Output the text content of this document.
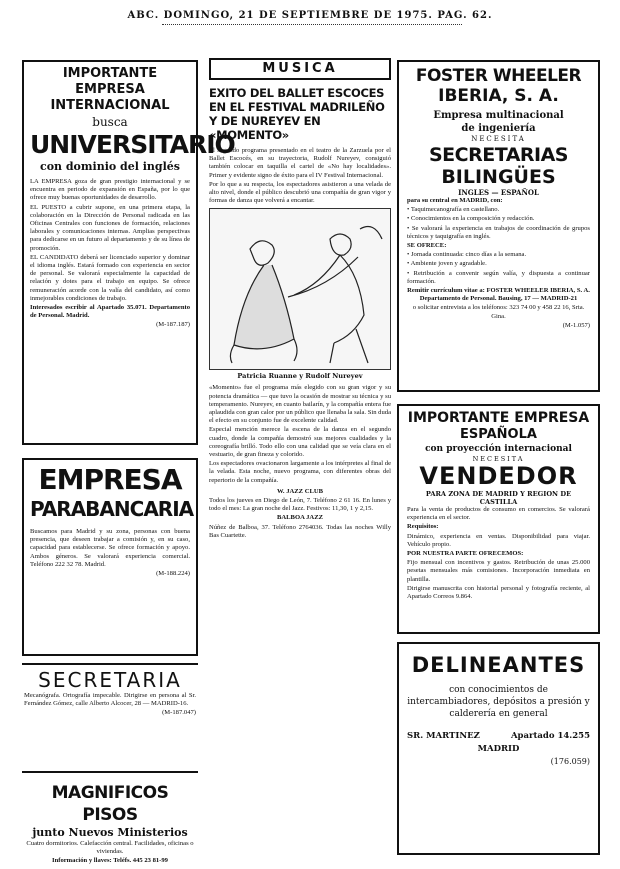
ABC. DOMINGO, 21 DE SEPTIEMBRE DE 1975. PAG. 62.
IMPORTANTE EMPRESA
INTERNACIONAL
busca
UNIVERSITARIO
con dominio del inglés

LA EMPRESA goza de gran prestigio internacional y se encuentra en periodo de expansión en España, por lo que ofrece muy buenas oportunidades de desarrollo.

EL PUESTO a cubrir supone, en una primera etapa, la colaboración en la Dirección de Personal radicada en las Oficinas Centrales con funciones de formación, relaciones laborales y comunicaciones internas. Amplias perspectivas para dedicarse en un futuro al departamento y de su línea de promoción.

EL CANDIDATO deberá ser licenciado superior y dominar el idioma inglés. Estará formado con experiencia en sector de personal. Se valorará especialmente la capacidad de relación y dotes para el trabajo en equipo. Se ofrece remuneración acorde con la valía del candidato, así como inmejorables condiciones de trabajo.

Interesados escribir al Apartado 35.071. Departamento de Personal. Madrid.

(M-187.187)

EMPRESA
PARABANCARIA

Buscamos para Madrid y su zona, personas con buena presencia, que deseen trabajar a comisión y, en su caso, capacidad para establecerse. Se ofrece formación y apoyo. Ambos géneros. Se valorará experiencia comercial. Teléfono 222 32 78. Madrid.

(M-188.224)

SECRETARIA

Mecanógrafa. Ortografía impecable. Dirigirse en persona al Sr. Fernández Gómez, calle Alberto Alcocer, 28 — MADRID-16.

(M-187.047)

MAGNIFICOS PISOS
junto Nuevos Ministerios

Cuatro dormitorios. Calefacción central. Facilidades, oficinas o viviendas.

Información y llaves: Teléfs. 445 23 81-99

MUSICA
EXITO DEL BALLET ESCOCES EN EL FESTIVAL MADRILEÑO Y DE NUREYEV EN «MOMENTO»

El segundo programa presentado en el teatro de la Zarzuela por el Ballet Escocés, en su trayectoria, Rudolf Nureyev, consiguió también colocar en taquilla el cartel de «No hay localidades». Primer y evidente signo de éxito para el IV Festival Internacional.

Por lo que a su respecta, los espectadores asistieron a una velada de alto nivel, donde el público descubrió una compañía de gran vigor y formas de danza que volverá a encantar.

Patricia Ruanne y Rudolf Nureyev

«Momento» fue el programa más elegido con su gran vigor y su potencia dramática — que tuvo la ocasión de mostrar su técnica y su temperamento. Nureyev, en cuanto bailarín, y la compañía entera fue aplaudida con gran calor por un público que llenaba la sala. Sin duda el efecto en su conjunto fue de excelente calidad.

Especial mención merece la escena de la danza en el segundo cuadro, donde la compañía demostró sus mejores cualidades y la coreografía brilló. Todo ello con una calidad que se veía clara en el vestuario, de gran fineza y colorido.

Los espectadores ovacionaron largamente a los intérpretes al final de la velada. Esta noche, nuevo programa, con diferentes obras del repertorio de la compañía.

W. JAZZ CLUB

Todos los jueves en Diego de León, 7. Teléfono 2 61 16. En lunes y todo el mes: La gran noche del Jazz. Festivos: 11,30, 1 y 2,15.

BALBOA JAZZ

Núñez de Balboa, 37. Teléfono 2764036. Todas las noches Willy Bas Cuartette.

FOSTER WHEELER
IBERIA, S. A.
Empresa multinacional
de ingeniería
NECESITA
SECRETARIAS
BILINGÜES
INGLES — ESPAÑOL

para su central en MADRID, con:

• Taquimecanografía en castellano.

• Conocimientos en la composición y redacción.

• Se valorará la experiencia en trabajos de coordinación de grupos técnicos y taquigrafía en inglés.

SE OFRECE:

• Jornada continuada: cinco días a la semana.

• Ambiente joven y agradable.

• Retribución a convenir según valía, y dispuesta a continuar formación.

Remitir currículum vitae a: FOSTER WHEELER IBERIA, S. A. Departamento de Personal. Bausing, 17 — MADRID-21

o solicitar entrevista a los teléfonos: 323 74 00 y 458 22 16, Srta. Gina.

(M-1.057)

IMPORTANTE EMPRESA
ESPAÑOLA
con proyección internacional
NECESITA
VENDEDOR
PARA ZONA DE MADRID Y REGION DE CASTILLA

Para la venta de productos de consumo en comercios. Se valorará experiencia en el sector.

Requisitos:

Dinámico, experiencia en ventas. Disponibilidad para viajar. Vehículo propio.

POR NUESTRA PARTE OFRECEMOS:

Fijo mensual con incentivos y gastos. Retribución de unas 25.000 pesetas mensuales más comisiones. Incorporación inmediata en plantilla.

Dirigirse manuscrita con historial personal y fotografía reciente, al Apartado Correos 9.864.

DELINEANTES
con conocimientos de intercambiadores, depósitos a presión y calderería en general
SR. MARTINEZ	Apartado 14.255
MADRID
(176.059)
